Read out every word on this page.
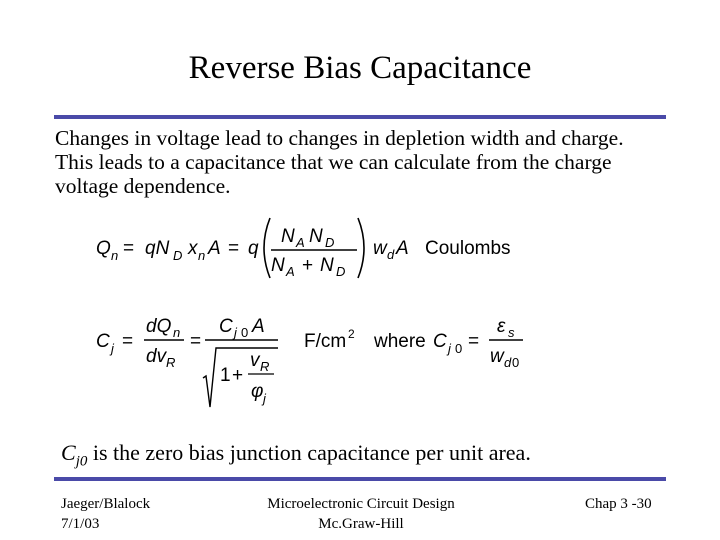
Reverse Bias Capacitance
Changes in voltage lead to changes in depletion width and charge.
This leads to a capacitance that we can calculate from the charge
voltage dependence.
Q n = qN D x n A = q
N A N D
N A + N D
w d A Coulombs
C j =
dQ n
dv R
=
C j 0 A
1 +
v R
φ j
F/cm 2 where C j 0 =
ε s
w d 0
$C_{j0}$ is the zero bias junction capacitance per unit area.
Jaeger/Blalock
7/1/03
Microelectronic Circuit Design
Mc.Graw-Hill
Chap 3 -30
